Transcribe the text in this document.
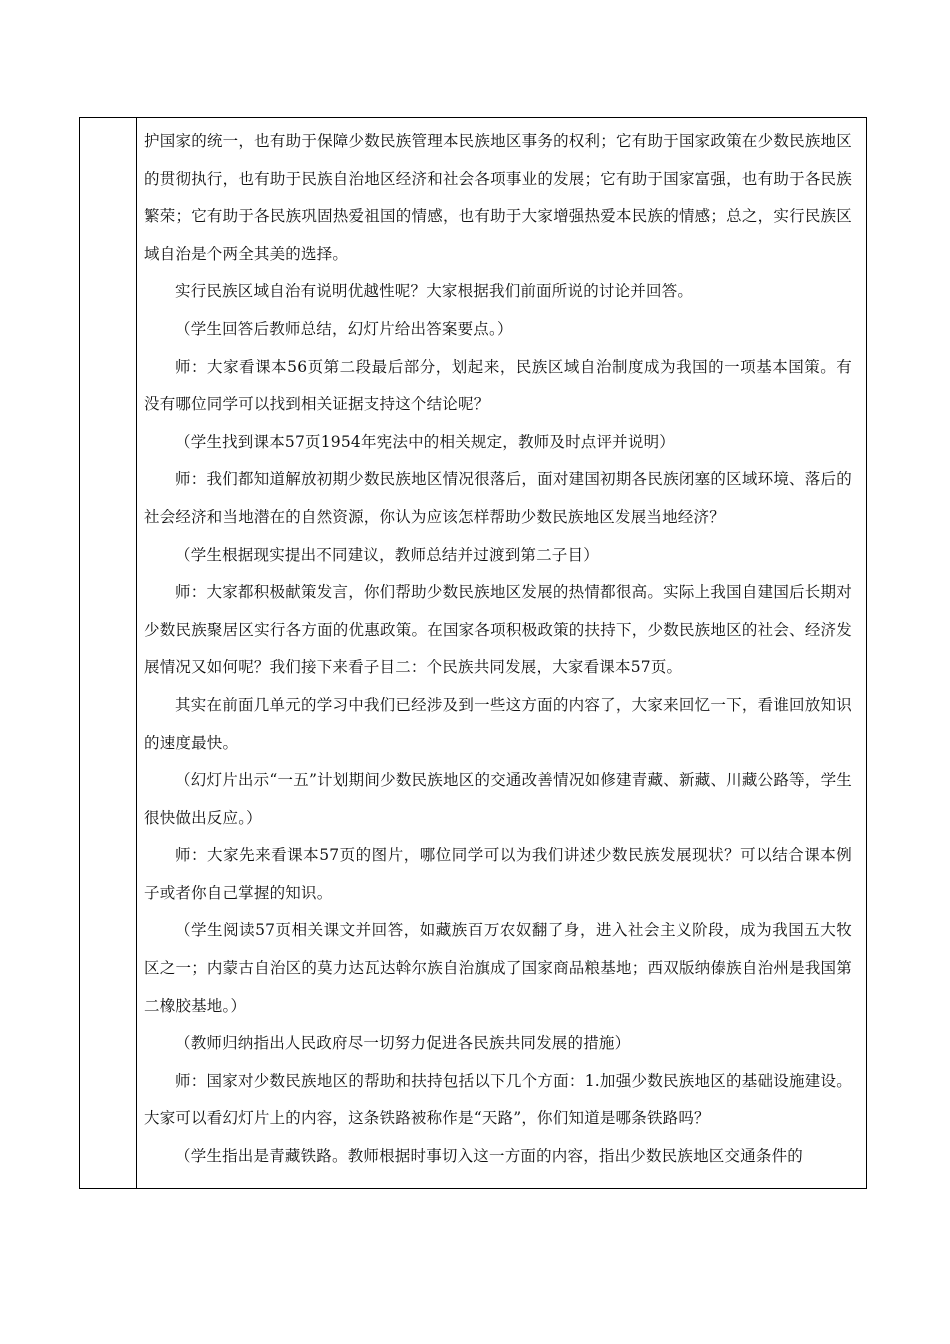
护国家的统一，也有助于保障少数民族管理本民族地区事务的权利；它有助于国家政策在少数民族地区的贯彻执行，也有助于民族自治地区经济和社会各项事业的发展；它有助于国家富强，也有助于各民族繁荣；它有助于各民族巩固热爱祖国的情感，也有助于大家增强热爱本民族的情感；总之，实行民族区域自治是个两全其美的选择。

实行民族区域自治有说明优越性呢？大家根据我们前面所说的讨论并回答。

（学生回答后教师总结，幻灯片给出答案要点。）

师：大家看课本56页第二段最后部分，划起来，民族区域自治制度成为我国的一项基本国策。有没有哪位同学可以找到相关证据支持这个结论呢？

（学生找到课本57页1954年宪法中的相关规定，教师及时点评并说明）

师：我们都知道解放初期少数民族地区情况很落后，面对建国初期各民族闭塞的区域环境、落后的社会经济和当地潜在的自然资源，你认为应该怎样帮助少数民族地区发展当地经济？

（学生根据现实提出不同建议，教师总结并过渡到第二子目）

师：大家都积极献策发言，你们帮助少数民族地区发展的热情都很高。实际上我国自建国后长期对少数民族聚居区实行各方面的优惠政策。在国家各项积极政策的扶持下，少数民族地区的社会、经济发展情况又如何呢？我们接下来看子目二：个民族共同发展，大家看课本57页。

其实在前面几单元的学习中我们已经涉及到一些这方面的内容了，大家来回忆一下，看谁回放知识的速度最快。

（幻灯片出示“一五”计划期间少数民族地区的交通改善情况如修建青藏、新藏、川藏公路等，学生很快做出反应。）

师：大家先来看课本57页的图片，哪位同学可以为我们讲述少数民族发展现状？可以结合课本例子或者你自己掌握的知识。

（学生阅读57页相关课文并回答，如藏族百万农奴翻了身，进入社会主义阶段，成为我国五大牧区之一；内蒙古自治区的莫力达瓦达斡尔族自治旗成了国家商品粮基地；西双版纳傣族自治州是我国第二橡胶基地。）

（教师归纳指出人民政府尽一切努力促进各民族共同发展的措施）

师：国家对少数民族地区的帮助和扶持包括以下几个方面：1.加强少数民族地区的基础设施建设。大家可以看幻灯片上的内容，这条铁路被称作是“天路”，你们知道是哪条铁路吗？

（学生指出是青藏铁路。教师根据时事切入这一方面的内容，指出少数民族地区交通条件的
